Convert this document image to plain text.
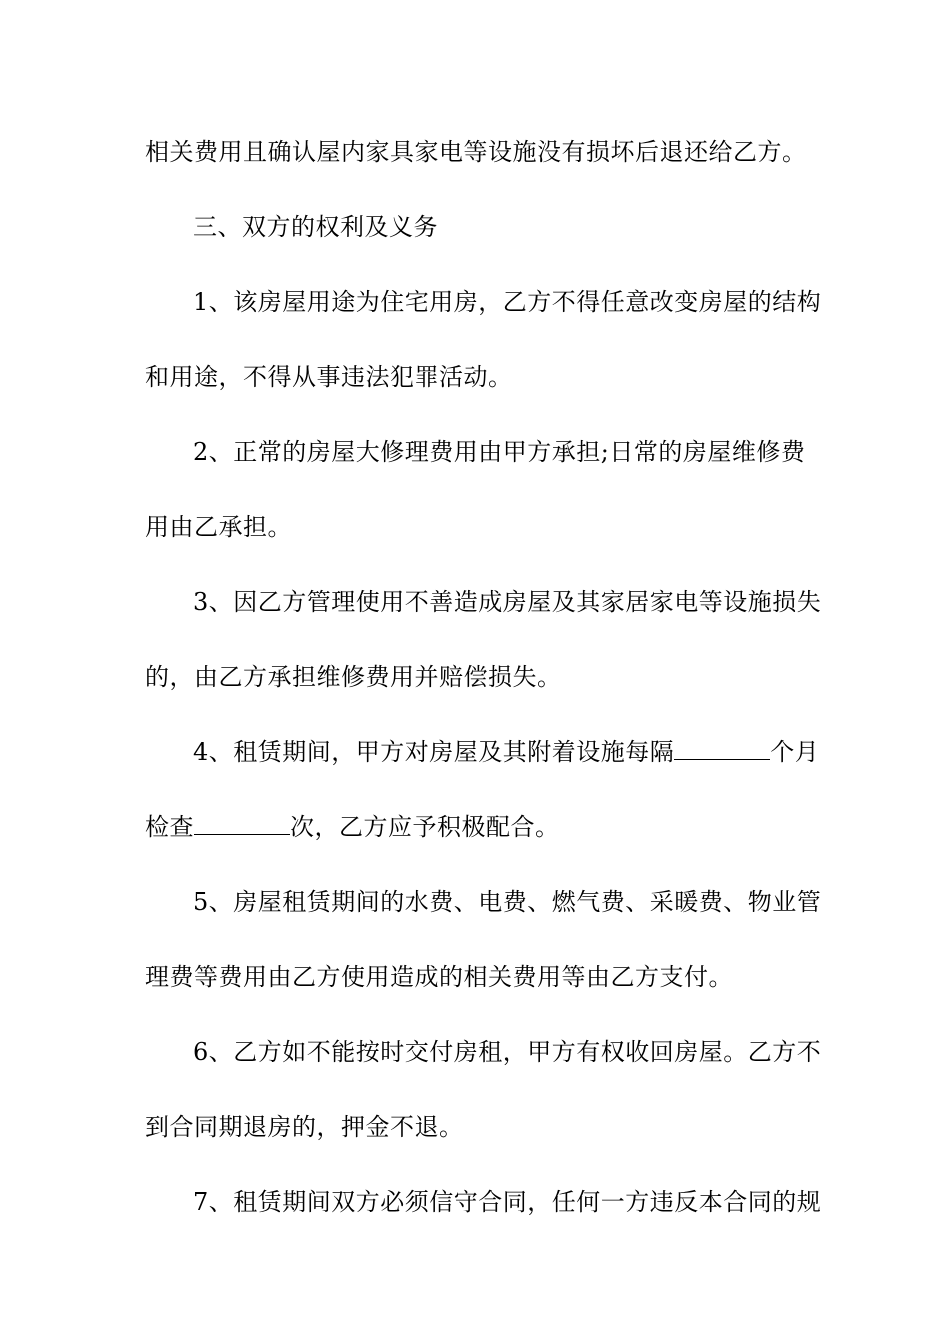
相关费用且确认屋内家具家电等设施没有损坏后退还给乙方。
三、双方的权利及义务
1、该房屋用途为住宅用房，乙方不得任意改变房屋的结构
和用途，不得从事违法犯罪活动。
2、正常的房屋大修理费用由甲方承担;日常的房屋维修费
用由乙承担。
3、因乙方管理使用不善造成房屋及其家居家电等设施损失
的，由乙方承担维修费用并赔偿损失。
4、租赁期间，甲方对房屋及其附着设施每隔	个月
检查	次，乙方应予积极配合。
5、房屋租赁期间的水费、电费、燃气费、采暖费、物业管
理费等费用由乙方使用造成的相关费用等由乙方支付。
6、乙方如不能按时交付房租，甲方有权收回房屋。乙方不
到合同期退房的，押金不退。
7、租赁期间双方必须信守合同，任何一方违反本合同的规
